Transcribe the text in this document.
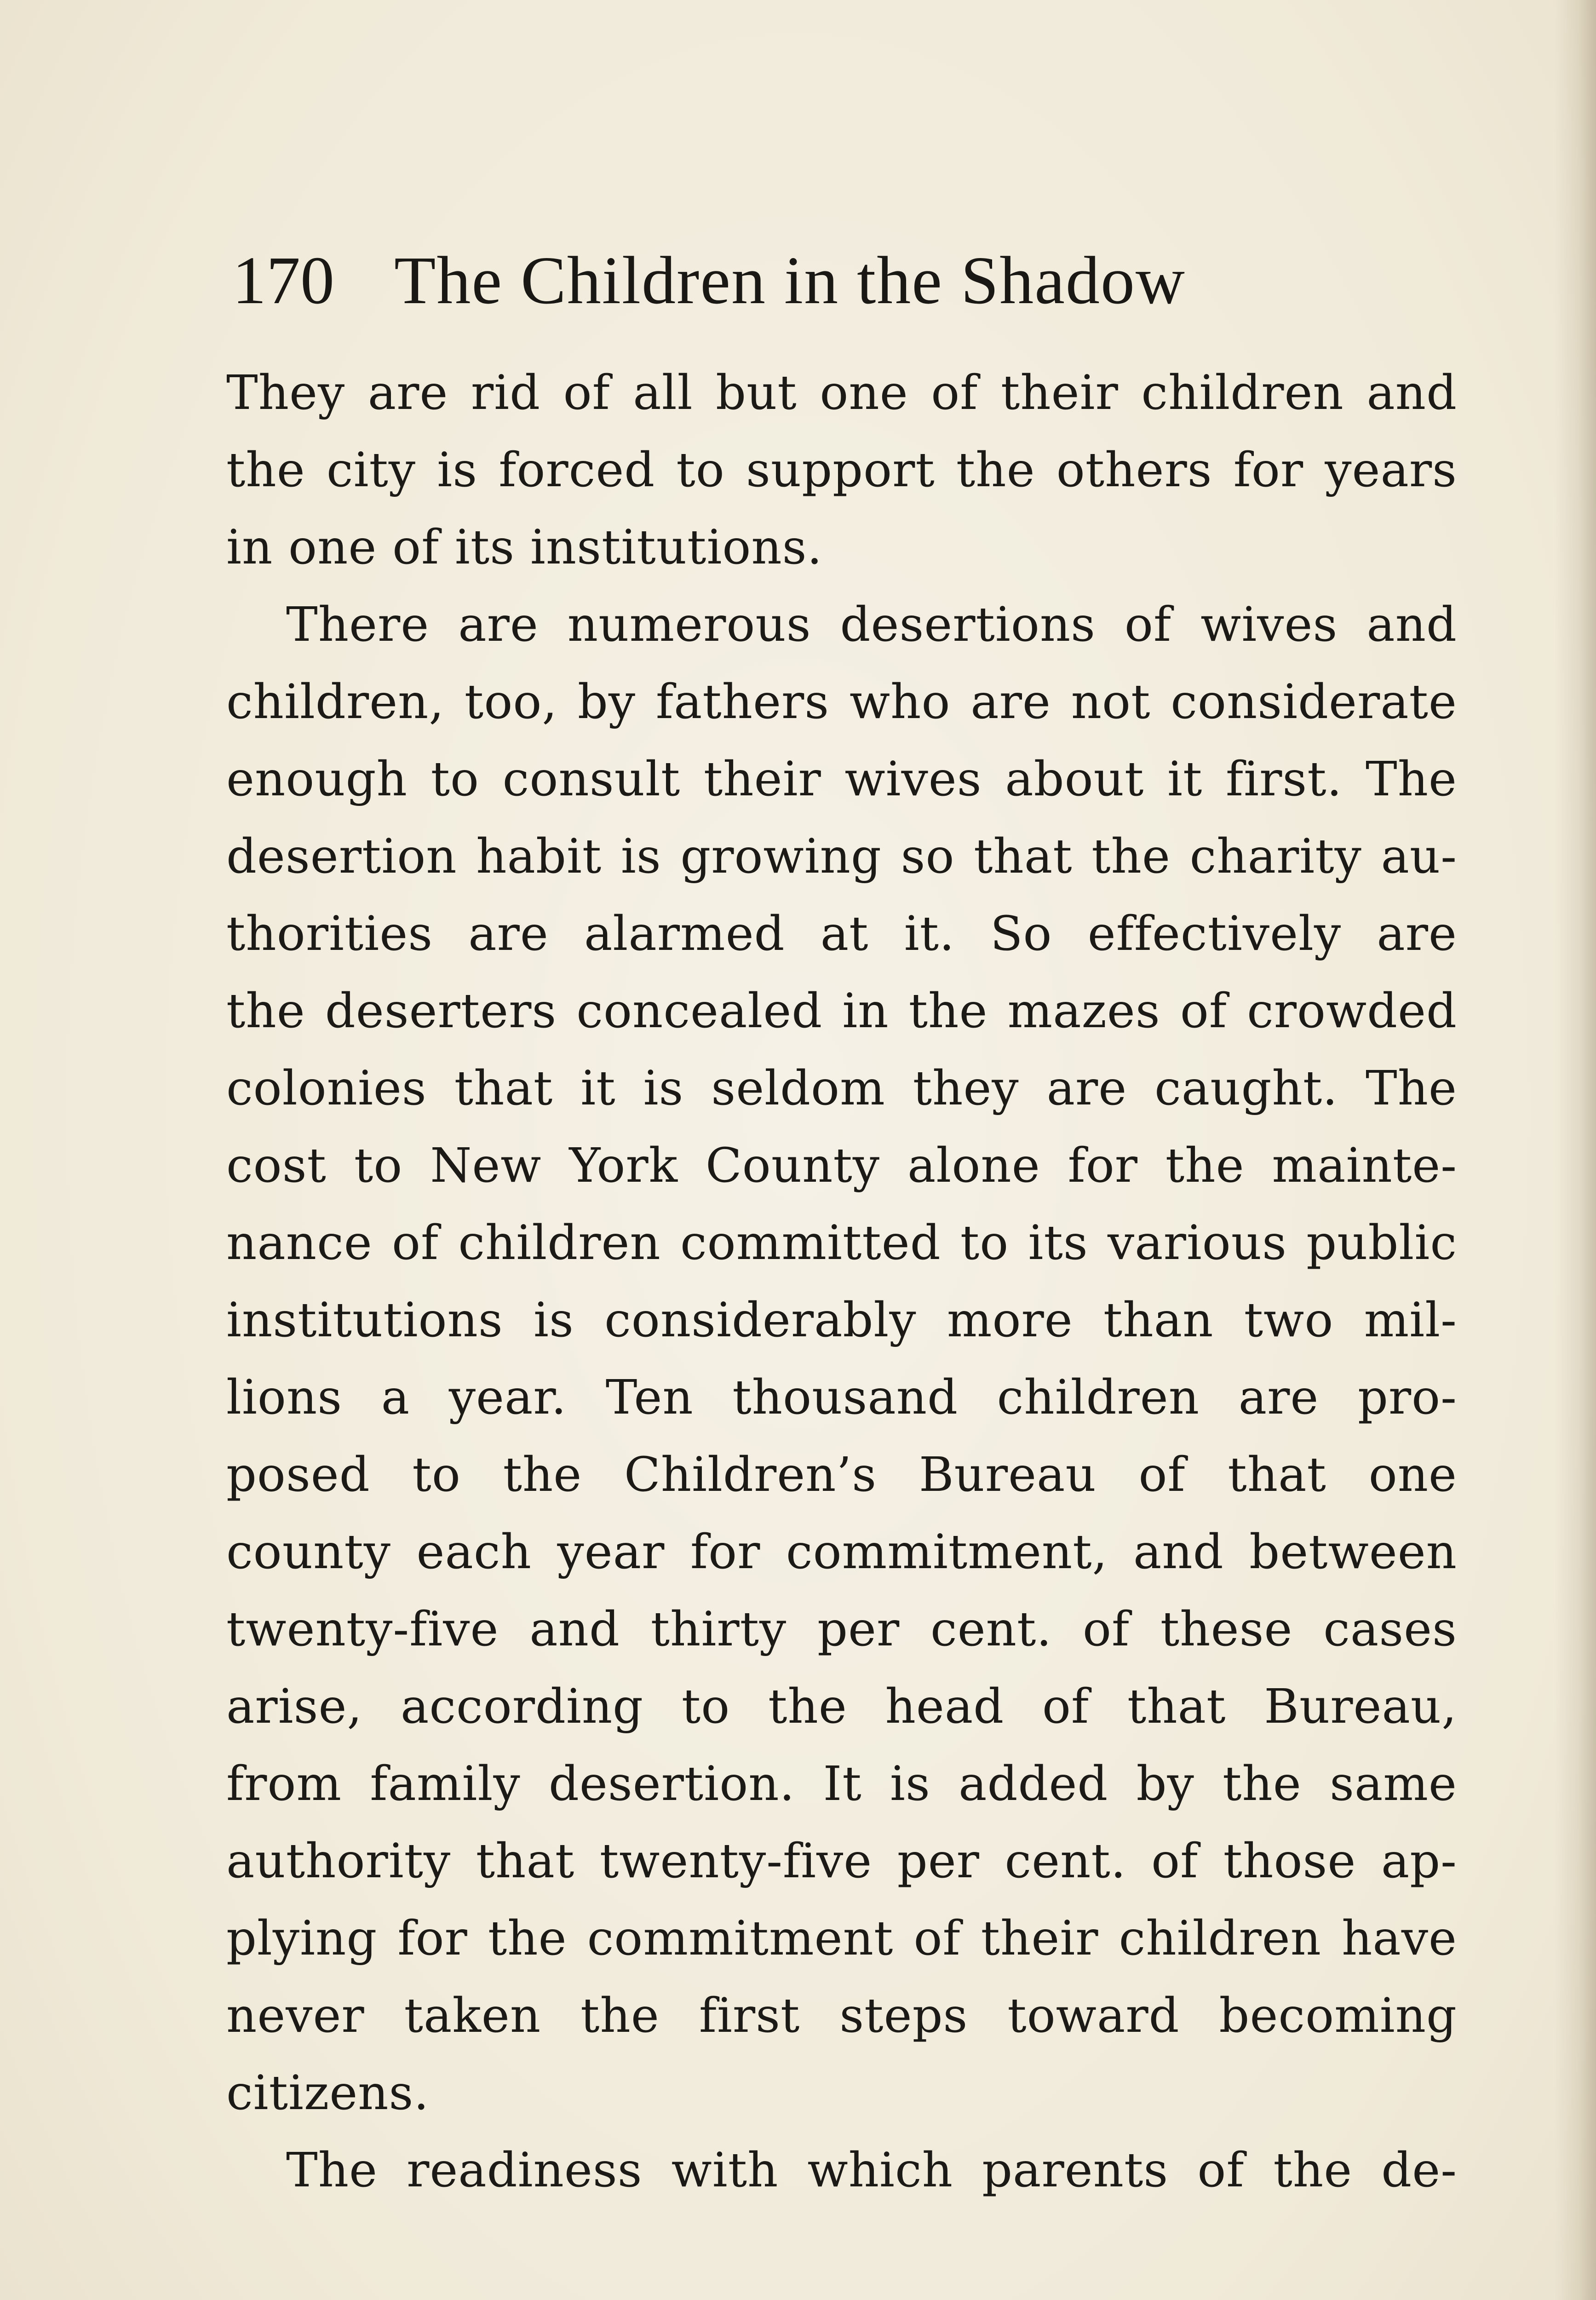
170 The Children in the Shadow
They are rid of all but one of their children and
the city is forced to support the others for years
in one of its institutions.
There are numerous desertions of wives and
children, too, by fathers who are not considerate
enough to consult their wives about it first. The
desertion habit is growing so that the charity au-
thorities are alarmed at it. So effectively are
the deserters concealed in the mazes of crowded
colonies that it is seldom they are caught. The
cost to New York County alone for the mainte-
nance of children committed to its various public
institutions is considerably more than two mil-
lions a year. Ten thousand children are pro-
posed to the Children’s Bureau of that one
county each year for commitment, and between
twenty-five and thirty per cent. of these cases
arise, according to the head of that Bureau,
from family desertion. It is added by the same
authority that twenty-five per cent. of those ap-
plying for the commitment of their children have
never taken the first steps toward becoming
citizens.
The readiness with which parents of the de-
